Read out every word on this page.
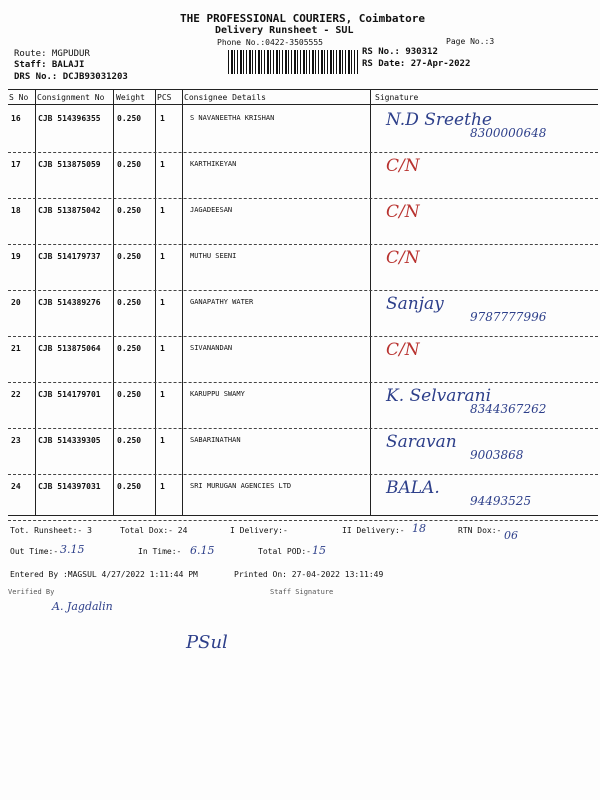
THE PROFESSIONAL COURIERS, Coimbatore
Delivery Runsheet - SUL
Phone No.:0422-3505555	Page No.:3
Route: MGPUDUR
Staff: BALAJI
DRS No.: DCJB93031203
RS No.: 930312
RS Date: 27-Apr-2022
S No Consignment No Weight PCS Consignee Details	Signature
16 CJB 514396355 0.250 1	S NAVANEETHA KRISHAN	N.D Sreethe
8300000648
17 CJB 513875059 0.250 1	KARTHIKEYAN	C/N
18 CJB 513875042 0.250 1	JAGADEESAN	C/N
19 CJB 514179737 0.250 1	MUTHU SEENI	C/N
20 CJB 514389276 0.250 1	GANAPATHY WATER	Sanjay
9787777996
21 CJB 513875064 0.250 1	SIVANANDAN	C/N
22 CJB 514179701 0.250 1	KARUPPU SWAMY	K. Selvarani
8344367262
23 CJB 514339305 0.250 1	SABARINATHAN	Saravan
9003868
24 CJB 514397031 0.250 1	SRI MURUGAN AGENCIES LTD	BALA.
94493525
Tot. Runsheet:- 3	Total Dox:- 24	I Delivery:-	II Delivery:- 18	RTN Dox:- 06
Out Time:- 3.15	In Time:- 6.15	Total POD:- 15
Entered By :MAGSUL 4/27/2022 1:11:44 PM	Printed On: 27-04-2022 13:11:49
Verified By	Staff Signature
A. Jagdalin
PSul
